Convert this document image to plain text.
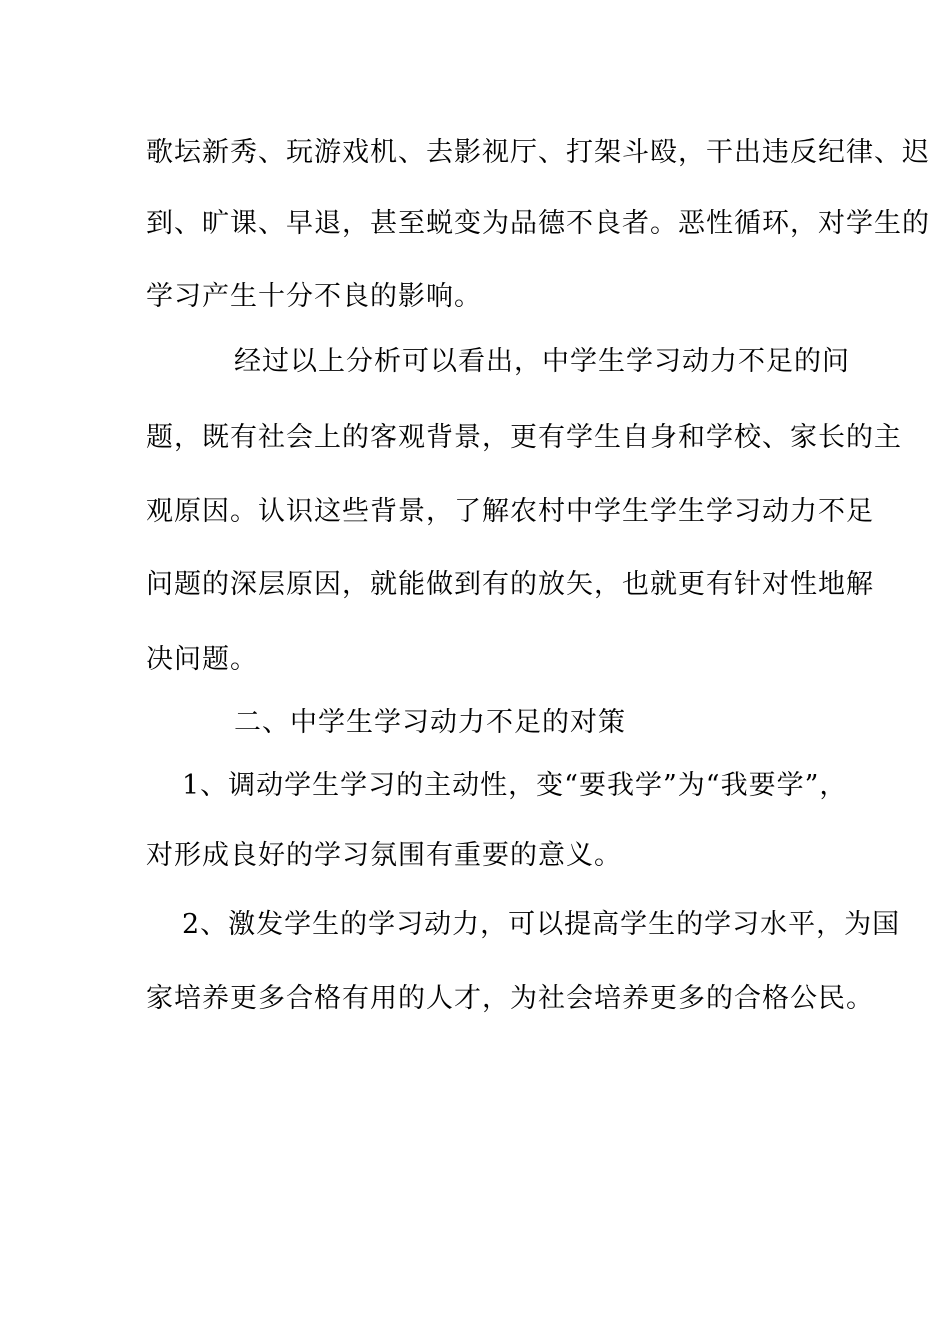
歌坛新秀、玩游戏机、去影视厅、打架斗殴，干出违反纪律、迟
到、旷课、早退，甚至蜕变为品德不良者。恶性循环，对学生的
学习产生十分不良的影响。
经过以上分析可以看出，中学生学习动力不足的问
题，既有社会上的客观背景，更有学生自身和学校、家长的主
观原因。认识这些背景，了解农村中学生学生学习动力不足
问题的深层原因，就能做到有的放矢，也就更有针对性地解
决问题。
二、中学生学习动力不足的对策
1、调动学生学习的主动性，变“要我学”为“我要学”，
对形成良好的学习氛围有重要的意义。
2、激发学生的学习动力，可以提高学生的学习水平，为国
家培养更多合格有用的人才，为社会培养更多的合格公民。
